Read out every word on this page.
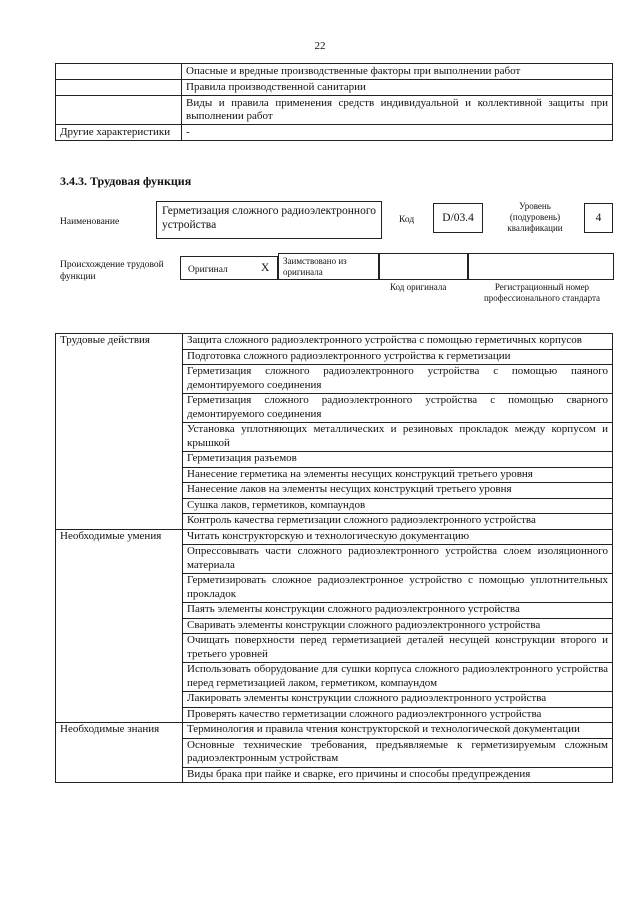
22
	Опасные и вредные производственные факторы при выполнении работ
	Правила производственной санитарии
	Виды и правила применения средств индивидуальной и коллективной защиты при выполнении работ
Другие характеристики	-
3.4.3. Трудовая функция
Наименование
Герметизация сложного радиоэлектронного устройства	Код	D/03.4
Уровень (подуровень) квалификации
4
Происхождение трудовой функции
Оригинал	X
Заимствовано из оригинала
Код оригинала	Регистрационный номер профессионального стандарта
Трудовые действия	Защита сложного радиоэлектронного устройства с помощью герметичных корпусов
	Подготовка сложного радиоэлектронного устройства к герметизации
	Герметизация сложного радиоэлектронного устройства с помощью паяного демонтируемого соединения
	Герметизация сложного радиоэлектронного устройства с помощью сварного демонтируемого соединения
	Установка уплотняющих металлических и резиновых прокладок между корпусом и крышкой
	Герметизация разъемов
	Нанесение герметика на элементы несущих конструкций третьего уровня
	Нанесение лаков на элементы несущих конструкций третьего уровня
	Сушка лаков, герметиков, компаундов
	Контроль качества герметизации сложного радиоэлектронного устройства
Необходимые умения	Читать конструкторскую и технологическую документацию
	Опрессовывать части сложного радиоэлектронного устройства слоем изоляционного материала
	Герметизировать сложное радиоэлектронное устройство с помощью уплотнительных прокладок
	Паять элементы конструкции сложного радиоэлектронного устройства
	Сваривать элементы конструкции сложного радиоэлектронного устройства
	Очищать поверхности перед герметизацией деталей несущей конструкции второго и третьего уровней
	Использовать оборудование для сушки корпуса сложного радиоэлектронного устройства перед герметизацией лаком, герметиком, компаундом
	Лакировать элементы конструкции сложного радиоэлектронного устройства
	Проверять качество герметизации сложного радиоэлектронного устройства
Необходимые знания	Терминология и правила чтения конструкторской и технологической документации
	Основные технические требования, предъявляемые к герметизируемым сложным радиоэлектронным устройствам
	Виды брака при пайке и сварке, его причины и способы предупреждения
